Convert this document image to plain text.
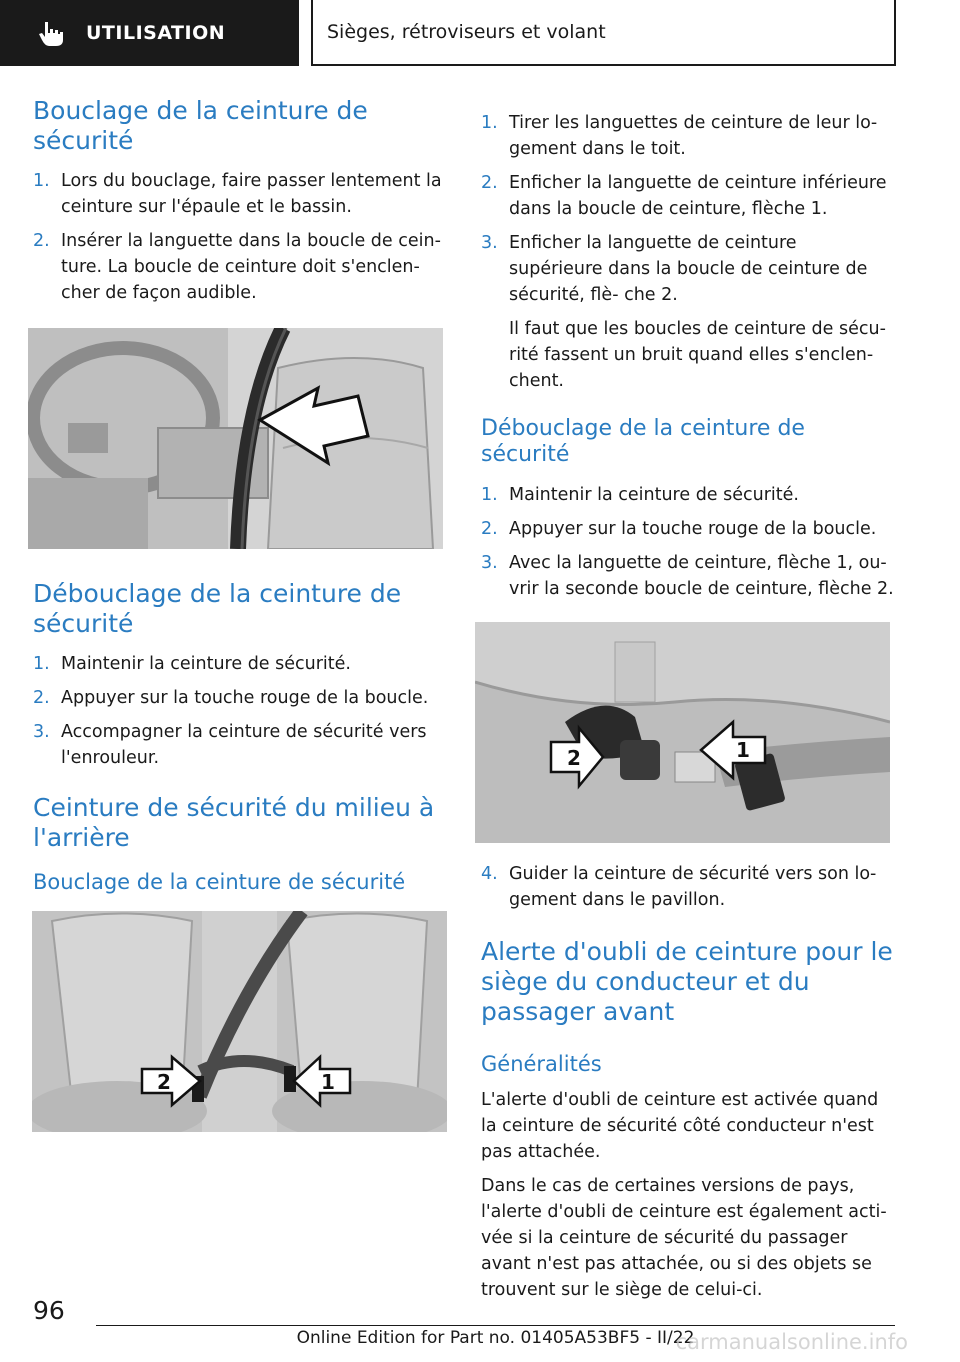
UTILISATION	Sièges, rétroviseurs et volant
Bouclage de la ceinture de sécurité
1. Lors du bouclage, faire passer lentement la ceinture sur l'épaule et le bassin.
2. Insérer la languette dans la boucle de cein‐ ture. La boucle de ceinture doit s'enclen‐ cher de façon audible.
Débouclage de la ceinture de sécurité
1. Maintenir la ceinture de sécurité.
2. Appuyer sur la touche rouge de la boucle.
3. Accompagner la ceinture de sécurité vers l'enrouleur.
Ceinture de sécurité du milieu à l'arrière
Bouclage de la ceinture de sécurité
2	1
1. Tirer les languettes de ceinture de leur lo‐ gement dans le toit.
2. Enficher la languette de ceinture inférieure dans la boucle de ceinture, flèche 1.
3. Enficher la languette de ceinture supérieure dans la boucle de ceinture de sécurité, flè‐ che 2.

Il faut que les boucles de ceinture de sécu‐ rité fassent un bruit quand elles s'enclen‐ chent.

Débouclage de la ceinture de sécurité
1. Maintenir la ceinture de sécurité.
2. Appuyer sur la touche rouge de la boucle.
3. Avec la languette de ceinture, flèche 1, ou‐ vrir la seconde boucle de ceinture, flèche 2.
2	1
4. Guider la ceinture de sécurité vers son lo‐ gement dans le pavillon.
Alerte d'oubli de ceinture pour le siège du conducteur et du passager avant
Généralités

L'alerte d'oubli de ceinture est activée quand la ceinture de sécurité côté conducteur n'est pas attachée.

Dans le cas de certaines versions de pays, l'alerte d'oubli de ceinture est également acti‐ vée si la ceinture de sécurité du passager avant n'est pas attachée, ou si des objets se trouvent sur le siège de celui-ci.

96
Online Edition for Part no. 01405A53BF5 - II/22
carmanualsonline.info
